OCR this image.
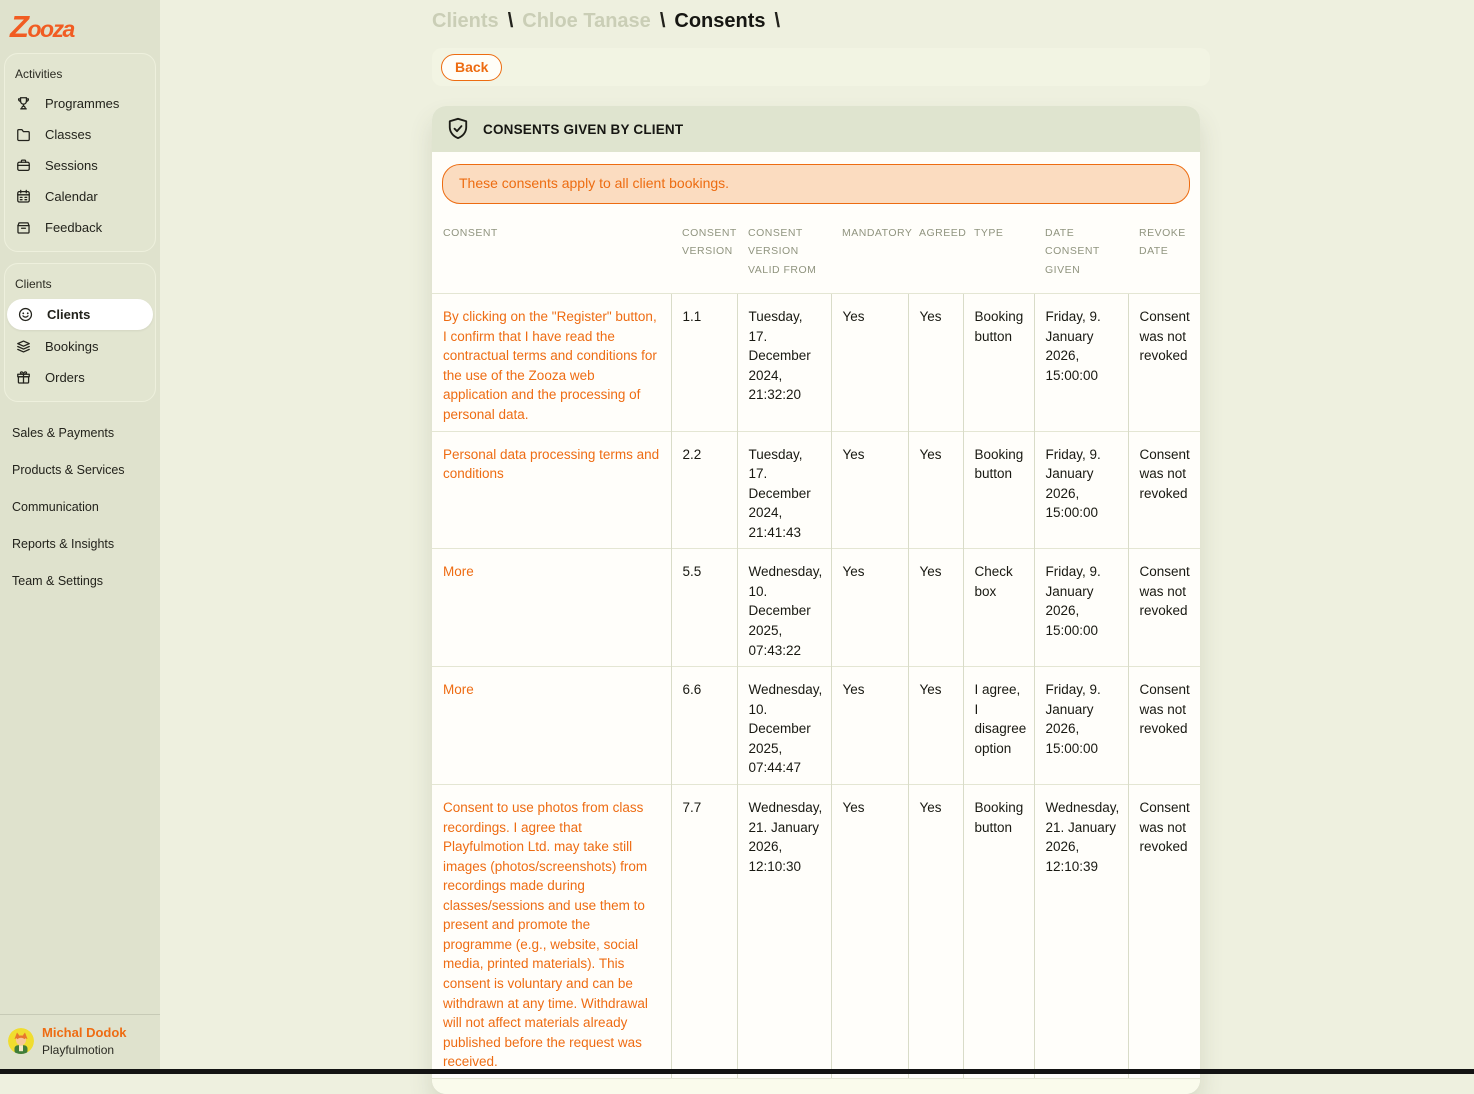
Zooza
Activities
Programmes
Classes
Sessions
Calendar
Feedback
Clients
Clients
Bookings
Orders
Sales & Payments
Products & Services
Communication
Reports & Insights
Team & Settings
Michal Dodok
Playfulmotion
Clients \ Chloe Tanase \ Consents \
Back
CONSENTS GIVEN BY CLIENT
These consents apply to all client bookings.
CONSENT	CONSENT VERSION	CONSENT VERSION VALID FROM	MANDATORY	AGREED	TYPE	DATE CONSENT GIVEN	REVOKE DATE
By clicking on the "Register" button, I confirm that I have read the contractual terms and conditions for the use of the Zooza web application and the processing of personal data.	1.1	Tuesday, 17. December 2024, 21:32:20	Yes	Yes	Booking button	Friday, 9. January 2026, 15:00:00	Consent was not revoked
Personal data processing terms and conditions	2.2	Tuesday, 17. December 2024, 21:41:43	Yes	Yes	Booking button	Friday, 9. January 2026, 15:00:00	Consent was not revoked
More	5.5	Wednesday, 10. December 2025, 07:43:22	Yes	Yes	Check box	Friday, 9. January 2026, 15:00:00	Consent was not revoked
More	6.6	Wednesday, 10. December 2025, 07:44:47	Yes	Yes	I agree, I disagree option	Friday, 9. January 2026, 15:00:00	Consent was not revoked
Consent to use photos from class recordings. I agree that Playfulmotion Ltd. may take still images (photos/screenshots) from recordings made during classes/sessions and use them to present and promote the programme (e.g., website, social media, printed materials). This consent is voluntary and can be withdrawn at any time. Withdrawal will not affect materials already published before the request was received.	7.7	Wednesday, 21. January 2026, 12:10:30	Yes	Yes	Booking button	Wednesday, 21. January 2026, 12:10:39	Consent was not revoked
